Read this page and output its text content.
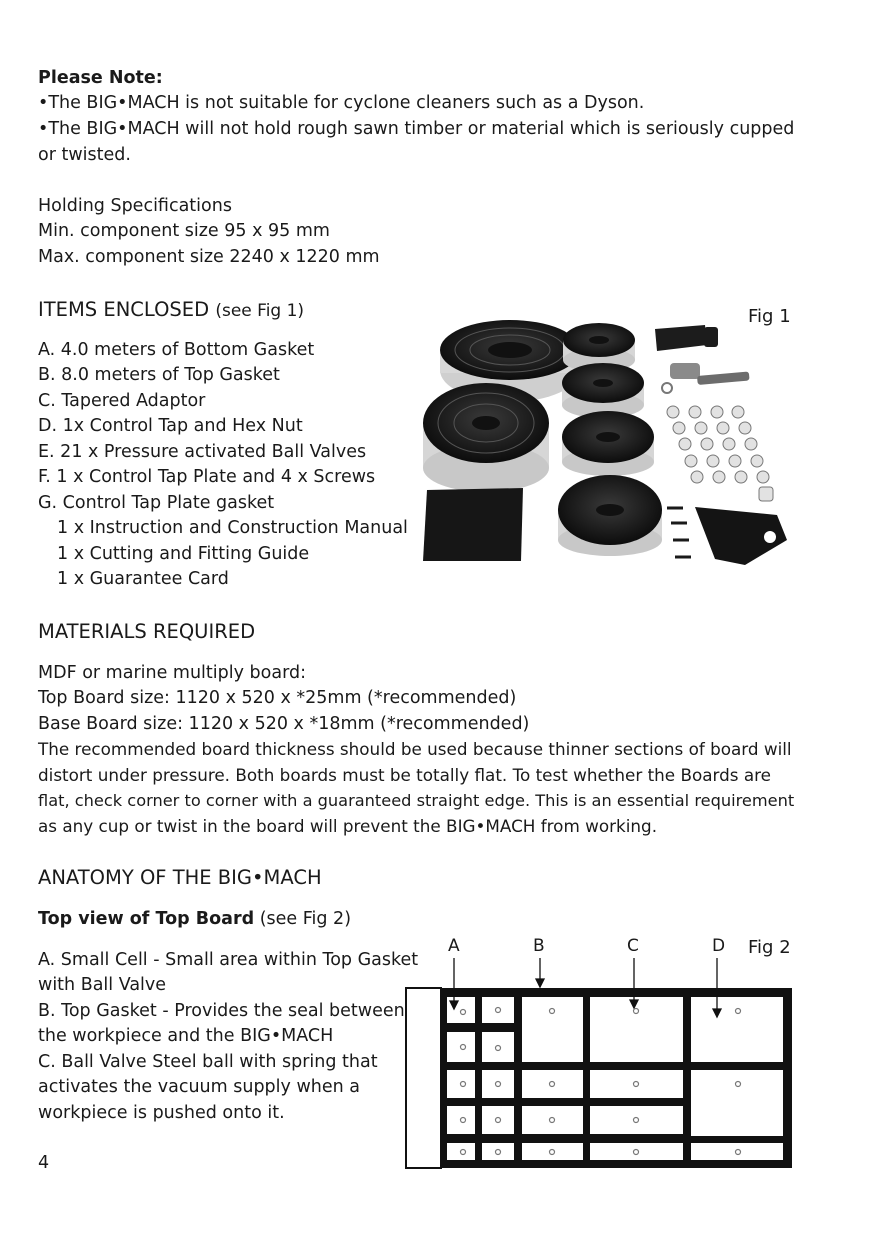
Please Note:
•The BIG•MACH is not suitable for cyclone cleaners such as a Dyson.
•The BIG•MACH will not hold rough sawn timber or material which is seriously cupped
or twisted.
Holding Specifications
Min. component size 95 x 95 mm
Max. component size 2240 x 1220 mm
ITEMS ENCLOSED (see Fig 1)	Fig 1
A. 4.0 meters of Bottom Gasket
B. 8.0 meters of Top Gasket
C. Tapered Adaptor
D. 1x Control Tap and Hex Nut
E. 21 x Pressure activated Ball Valves
F. 1 x Control Tap Plate and 4 x Screws
G. Control Tap Plate gasket
1 x Instruction and Construction Manual
1 x Cutting and Fitting Guide
1 x Guarantee Card
MATERIALS REQUIRED
MDF or marine multiply board:
Top Board size: 1120 x 520 x *25mm (*recommended)
Base Board size: 1120 x 520 x *18mm (*recommended)
The recommended board thickness should be used because thinner sections of board will
distort under pressure. Both boards must be totally flat. To test whether the Boards are
flat, check corner to corner with a guaranteed straight edge. This is an essential requirement
as any cup or twist in the board will prevent the BIG•MACH from working.
ANATOMY OF THE BIG•MACH
Top view of Top Board (see Fig 2)
A. Small Cell - Small area within Top Gasket
with Ball Valve
B. Top Gasket - Provides the seal between
the workpiece and the BIG•MACH
C. Ball Valve Steel ball with spring that
activates the vacuum supply when a
workpiece is pushed onto it.
A	B	C	D Fig 2
4
